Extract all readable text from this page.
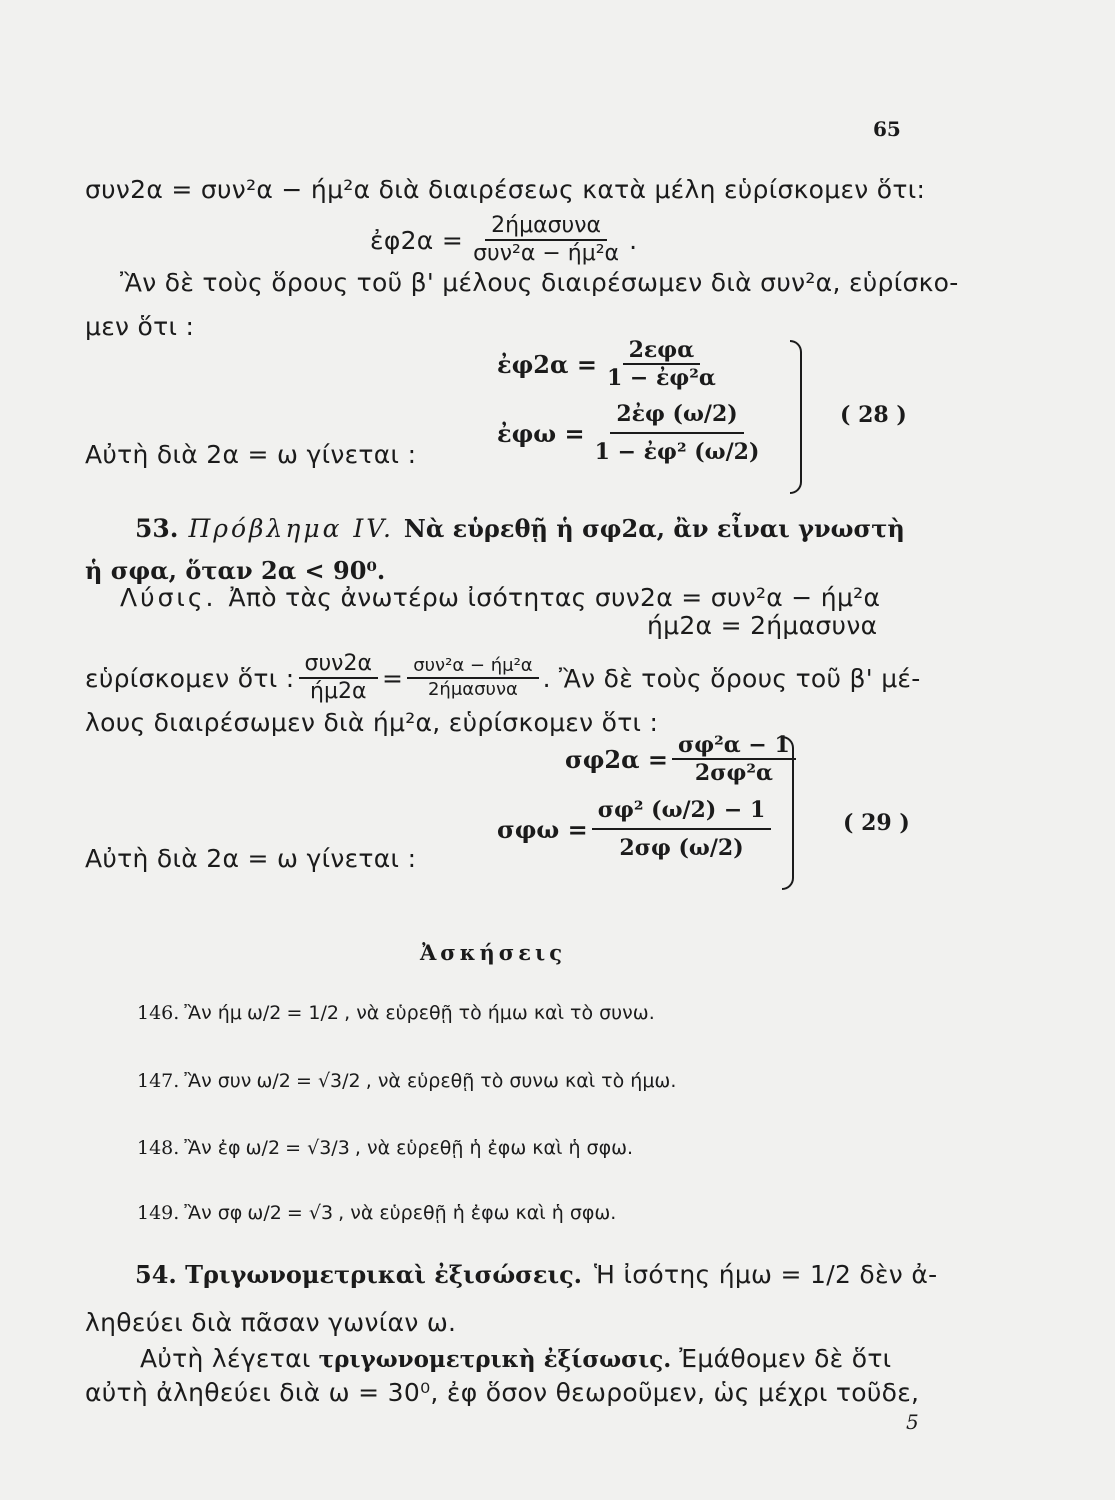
65
συν2α = συν²α − ήμ²α διὰ διαιρέσεως κατὰ μέλη εὑρίσκομεν ὅτι:
ἐφ2α = $\frac{\text{2ήμασυνα}}{\text{συν²α − ήμ²α}}$ .
Ἂν δὲ τοὺς ὅρους τοῦ β' μέλους διαιρέσωμεν διὰ συν²α, εὑρίσκο-
μεν ὅτι :
ἐφ2α = $\frac{\text{2εφα}}{\text{1 − ἐφ²α}}$
ἐφω = $\frac{\text{2ἐφ (ω/2)}}{\text{1 − ἐφ² (ω/2)}}$	( 28 )
Αὐτὴ διὰ 2α = ω γίνεται :
53. Πρόβλημα IV. Νὰ εὑρεθῇ ἡ σφ2α, ἂν εἶναι γνωστὴ
ἡ σφα, ὅταν 2α < 90⁰.
Λύσις. Ἀπὸ τὰς ἀνωτέρω ἰσότητας συν2α = συν²α − ήμ²α
ήμ2α = 2ήμασυνα
εὑρίσκομεν ὅτι : $\frac{\text{συν2α}}{ή\mu 2\alpha} = \frac{\text{συν²α − ήμ²α}}{\text{2ήμασυνα}}$ . Ἂν δὲ τοὺς ὅρους τοῦ β' μέ-
λους διαιρέσωμεν διὰ ήμ²α, εὑρίσκομεν ὅτι :
$\sigma\varphi 2\alpha = \frac{\text{σφ²α − 1}}{\text{2σφ²α}}$
$\sigma\varphi\omega = \frac{\text{σφ² (ω/2) − 1}}{2\sigma\varphi (\omega/2)}$	( 29 )
Αὐτὴ διὰ 2α = ω γίνεται :
Ἀσκήσεις
146. Ἂν ήμ ω/2 = 1/2 , νὰ εὑρεθῇ τὸ ήμω καὶ τὸ συνω.
147. Ἂν συν ω/2 = √3/2 , νὰ εὑρεθῇ τὸ συνω καὶ τὸ ήμω.
148. Ἂν ἐφ ω/2 = √3/3 , νὰ εὑρεθῇ ἡ ἐφω καὶ ἡ σφω.
149. Ἂν σφ ω/2 = √3 , νὰ εὑρεθῇ ἡ ἐφω καὶ ἡ σφω.
54. Τριγωνομετρικαὶ ἐξισώσεις. Ἡ ἰσότης ήμω = 1/2 δὲν ἀ-
ληθεύει διὰ πᾶσαν γωνίαν ω.
Αὐτὴ λέγεται τριγωνομετρικὴ ἐξίσωσις. Ἐμάθομεν δὲ ὅτι
αὐτὴ ἀληθεύει διὰ ω = 30⁰, ἐφ ὅσον θεωροῦμεν, ὡς μέχρι τοῦδε,
5
